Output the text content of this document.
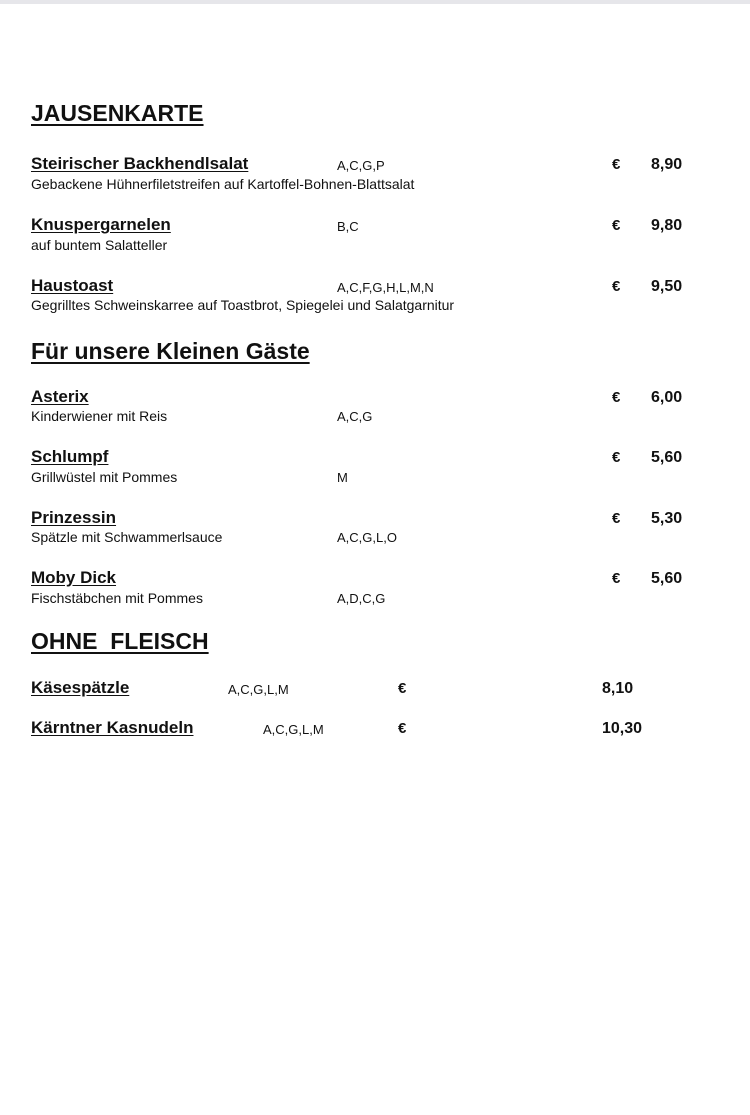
JAUSENKARTE
Steirischer Backhendlsalat	A,C,G,P	€ 8,90
Gebackene Hühnerfiletstreifen auf Kartoffel-Bohnen-Blattsalat
Knuspergarnelen	B,C	€ 9,80
auf buntem Salatteller
Haustoast	A,C,F,G,H,L,M,N	€ 9,50
Gegrilltes Schweinskarree auf Toastbrot, Spiegelei und Salatgarnitur
Für unsere Kleinen Gäste
Asterix	€ 6,00
Kinderwiener mit Reis	A,C,G
Schlumpf	€ 5,60
Grillwüstel mit Pommes	M
Prinzessin	€ 5,30
Spätzle mit Schwammerlsauce	A,C,G,L,O
Moby Dick	€ 5,60
Fischstäbchen mit Pommes	A,D,C,G
OHNE  FLEISCH
Käsespätzle	A,C,G,L,M	€	8,10
Kärntner Kasnudeln	A,C,G,L,M	€	10,30
